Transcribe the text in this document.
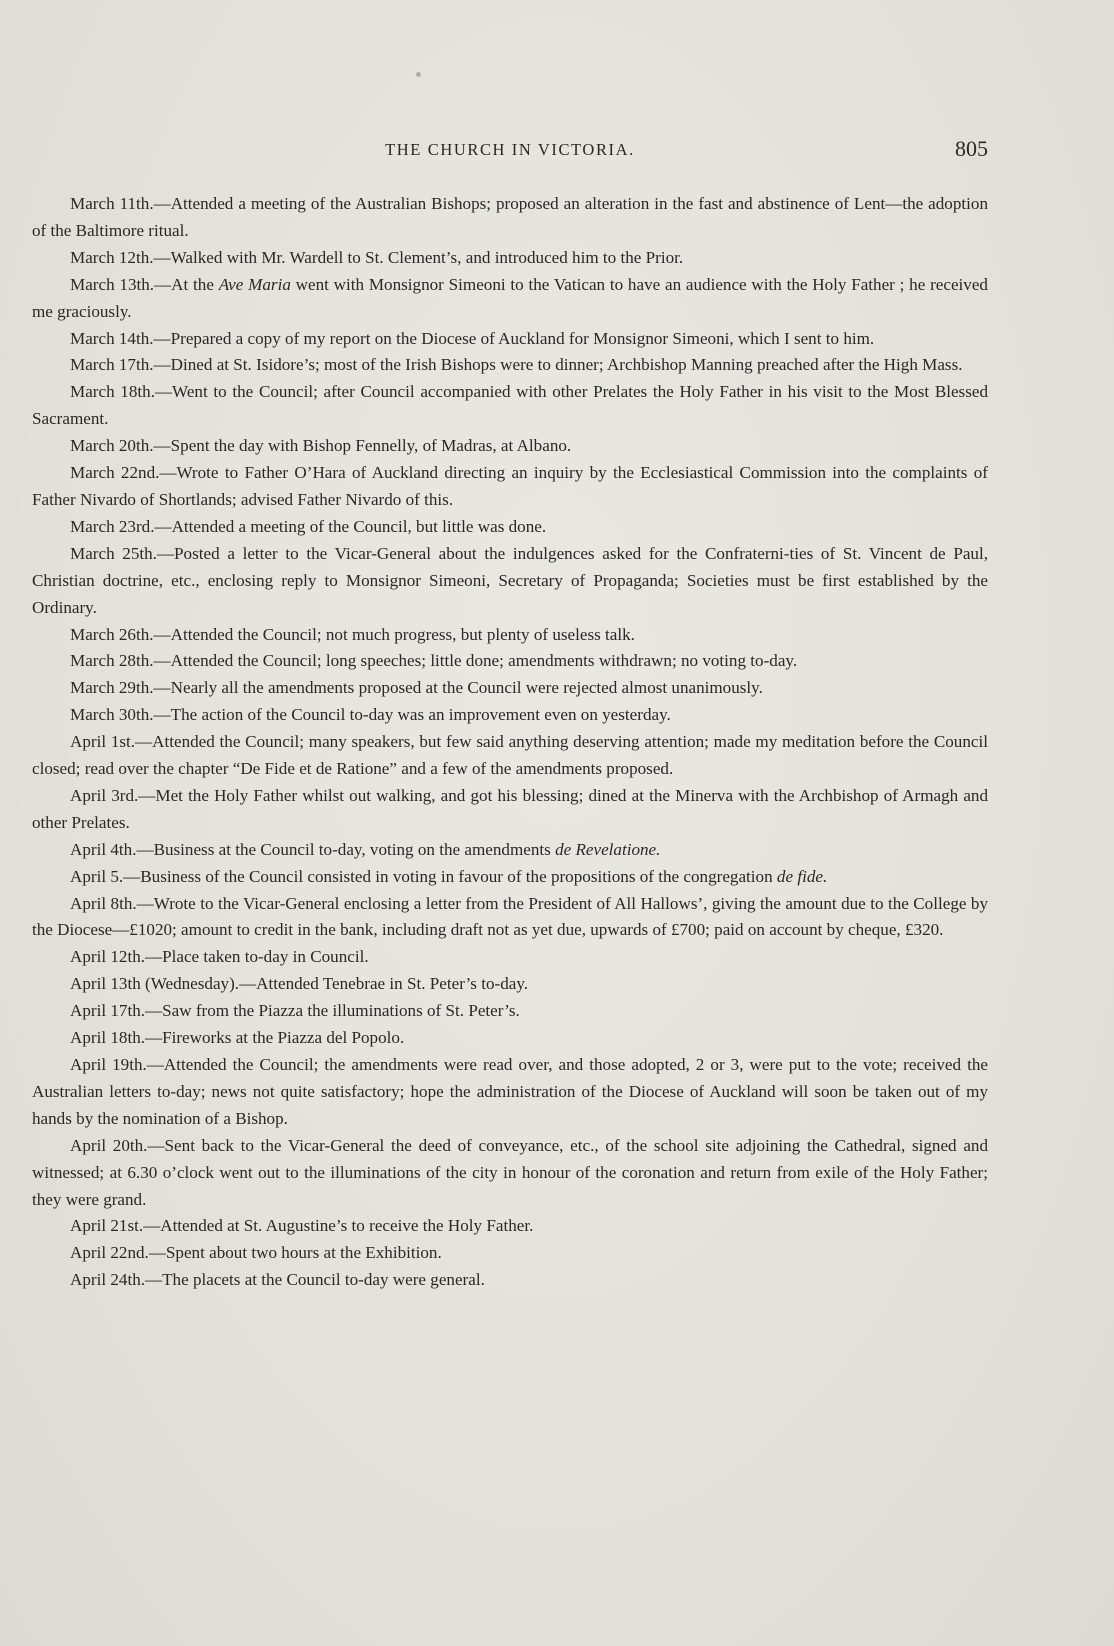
THE CHURCH IN VICTORIA.	805

March 11th.—Attended a meeting of the Australian Bishops; proposed an alteration in the fast and abstinence of Lent—the adoption of the Baltimore ritual.

March 12th.—Walked with Mr. Wardell to St. Clement’s, and introduced him to the Prior.

March 13th.—At the Ave Maria went with Monsignor Simeoni to the Vatican to have an audience with the Holy Father ; he received me graciously.

March 14th.—Prepared a copy of my report on the Diocese of Auckland for Monsignor Simeoni, which I sent to him.

March 17th.—Dined at St. Isidore’s; most of the Irish Bishops were to dinner; Archbishop Manning preached after the High Mass.

March 18th.—Went to the Council; after Council accompanied with other Prelates the Holy Father in his visit to the Most Blessed Sacrament.

March 20th.—Spent the day with Bishop Fennelly, of Madras, at Albano.

March 22nd.—Wrote to Father O’Hara of Auckland directing an inquiry by the Ecclesiastical Commission into the complaints of Father Nivardo of Shortlands; advised Father Nivardo of this.

March 23rd.—Attended a meeting of the Council, but little was done.

March 25th.—Posted a letter to the Vicar-General about the indulgences asked for the Confraterni-ties of St. Vincent de Paul, Christian doctrine, etc., enclosing reply to Monsignor Simeoni, Secretary of Propaganda; Societies must be first established by the Ordinary.

March 26th.—Attended the Council; not much progress, but plenty of useless talk.

March 28th.—Attended the Council; long speeches; little done; amendments withdrawn; no voting to-day.

March 29th.—Nearly all the amendments proposed at the Council were rejected almost unanimously.

March 30th.—The action of the Council to-day was an improvement even on yesterday.

April 1st.—Attended the Council; many speakers, but few said anything deserving attention; made my meditation before the Council closed; read over the chapter “De Fide et de Ratione” and a few of the amendments proposed.

April 3rd.—Met the Holy Father whilst out walking, and got his blessing; dined at the Minerva with the Archbishop of Armagh and other Prelates.

April 4th.—Business at the Council to-day, voting on the amendments de Revelatione.

April 5.—Business of the Council consisted in voting in favour of the propositions of the congregation de fide.

April 8th.—Wrote to the Vicar-General enclosing a letter from the President of All Hallows’, giving the amount due to the College by the Diocese—£1020; amount to credit in the bank, including draft not as yet due, upwards of £700; paid on account by cheque, £320.

April 12th.—Place taken to-day in Council.

April 13th (Wednesday).—Attended Tenebrae in St. Peter’s to-day.

April 17th.—Saw from the Piazza the illuminations of St. Peter’s.

April 18th.—Fireworks at the Piazza del Popolo.

April 19th.—Attended the Council; the amendments were read over, and those adopted, 2 or 3, were put to the vote; received the Australian letters to-day; news not quite satisfactory; hope the administration of the Diocese of Auckland will soon be taken out of my hands by the nomination of a Bishop.

April 20th.—Sent back to the Vicar-General the deed of conveyance, etc., of the school site adjoining the Cathedral, signed and witnessed; at 6.30 o’clock went out to the illuminations of the city in honour of the coronation and return from exile of the Holy Father; they were grand.

April 21st.—Attended at St. Augustine’s to receive the Holy Father.

April 22nd.—Spent about two hours at the Exhibition.

April 24th.—The placets at the Council to-day were general.
